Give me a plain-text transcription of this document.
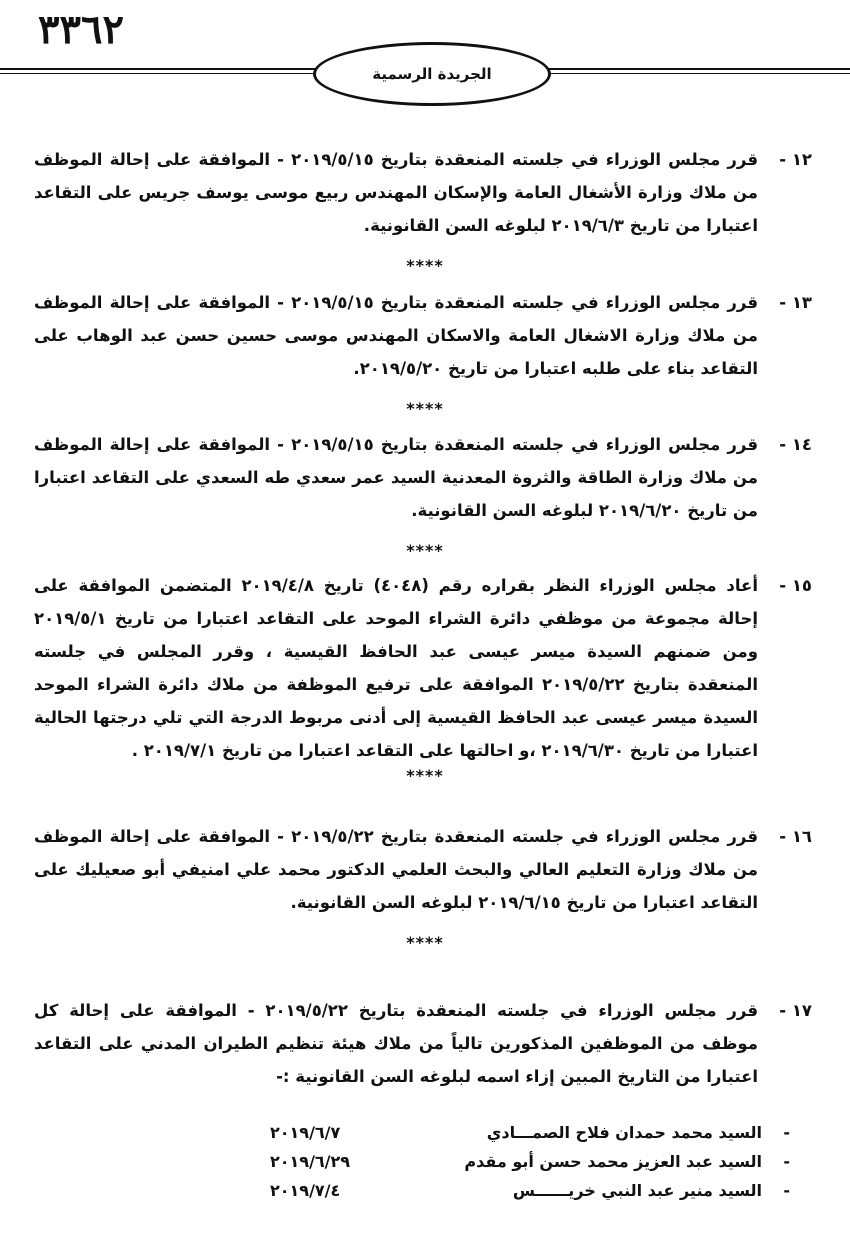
٣٣٦٢
الجريدة الرسمية
١٢ -
قرر مجلس الوزراء في جلسته المنعقدة بتاريخ ٢٠١٩/٥/١٥ - الموافقة على إحالة الموظف من ملاك وزارة الأشغال العامة والإسكان المهندس ربيع موسى يوسف جريس على التقاعد اعتبارا من تاريخ ٢٠١٩/٦/٣ لبلوغه السن القانونية.
****
١٣ -
قرر مجلس الوزراء في جلسته المنعقدة بتاريخ ٢٠١٩/٥/١٥ - الموافقة على إحالة الموظف من ملاك وزارة الاشغال العامة والاسكان المهندس موسى حسين حسن عبد الوهاب على التقاعد بناء على طلبه اعتبارا من تاريخ ٢٠١٩/٥/٢٠.
****
١٤ -
قرر مجلس الوزراء في جلسته المنعقدة بتاريخ ٢٠١٩/٥/١٥ - الموافقة على إحالة الموظف من ملاك وزارة الطاقة والثروة المعدنية السيد عمر سعدي طه السعدي على التقاعد اعتبارا من تاريخ ٢٠١٩/٦/٢٠ لبلوغه السن القانونية.
****
١٥ -
أعاد مجلس الوزراء النظر بقراره رقم (٤٠٤٨) تاريخ ٢٠١٩/٤/٨ المتضمن الموافقة على إحالة مجموعة من موظفي دائرة الشراء الموحد على التقاعد اعتبارا من تاريخ ٢٠١٩/٥/١ ومن ضمنهم السيدة ميسر عيسى عبد الحافظ القيسية ، وقرر المجلس في جلسته المنعقدة بتاريخ ٢٠١٩/٥/٢٢ الموافقة على ترفيع الموظفة من ملاك دائرة الشراء الموحد السيدة ميسر عيسى عبد الحافظ القيسية إلى أدنى مربوط الدرجة التي تلي درجتها الحالية اعتبارا من تاريخ ٢٠١٩/٦/٣٠ ،و احالتها على التقاعد اعتبارا من تاريخ ٢٠١٩/٧/١ .
****
١٦ -
قرر مجلس الوزراء في جلسته المنعقدة بتاريخ ٢٠١٩/٥/٢٢ - الموافقة على إحالة الموظف من ملاك وزارة التعليم العالي والبحث العلمي الدكتور محمد علي امنيفي أبو صعيليك على التقاعد اعتبارا من تاريخ ٢٠١٩/٦/١٥ لبلوغه السن القانونية.
****
١٧ -
قرر مجلس الوزراء في جلسته المنعقدة بتاريخ ٢٠١٩/٥/٢٢ - الموافقة على إحالة كل موظف من الموظفين المذكورين تالياً من ملاك هيئة تنظيم الطيران المدني على التقاعد اعتبارا من التاريخ المبين إزاء اسمه لبلوغه السن القانونية :-
-
السيد محمد حمدان فلاح الصمـــادي
٢٠١٩/٦/٧
-
السيد عبد العزيز محمد حسن أبو مقدم
٢٠١٩/٦/٢٩
-
السيد منير عبد النبي خريــــــس
٢٠١٩/٧/٤
